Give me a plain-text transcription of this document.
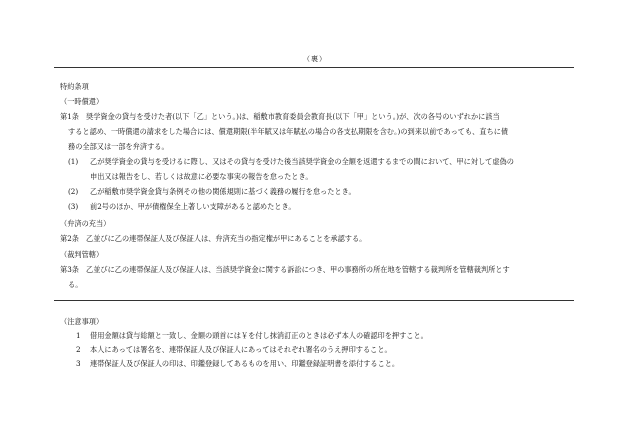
（裏）
特約条項
（一時償還）
第1条 奨学資金の貸与を受けた者(以下「乙」という。)は、稲敷市教育委員会教育長(以下「甲」という。)が、次の各号のいずれかに該当
すると認め、一時償還の請求をした場合には、償還期限(半年賦又は年賦払の場合の各支払期限を含む。)の到来以前であっても、直ちに債
務の全部又は一部を弁済する。
(1) 乙が奨学資金の貸与を受けるに際し、又はその貸与を受けた後当該奨学資金の全額を返還するまでの間において、甲に対して虚偽の
申出又は報告をし、若しくは故意に必要な事実の報告を怠ったとき。
(2) 乙が稲敷市奨学資金貸与条例その他の関係規則に基づく義務の履行を怠ったとき。
(3) 前2号のほか、甲が債権保全上著しい支障があると認めたとき。
（弁済の充当）
第2条 乙並びに乙の連帯保証人及び保証人は、弁済充当の指定権が甲にあることを承認する。
（裁判管轄）
第3条 乙並びに乙の連帯保証人及び保証人は、当該奨学資金に関する訴訟につき、甲の事務所の所在地を管轄する裁判所を管轄裁判所とす
る。
（注意事項）
1 借用金額は貸与総額と一致し、金額の頭首には￥を付し抹消訂正のときは必ず本人の確認印を押すこと。
2 本人にあっては署名を、連帯保証人及び保証人にあってはそれぞれ署名のうえ押印すること。
3 連帯保証人及び保証人の印は、印鑑登録してあるものを用い、印鑑登録証明書を添付すること。
